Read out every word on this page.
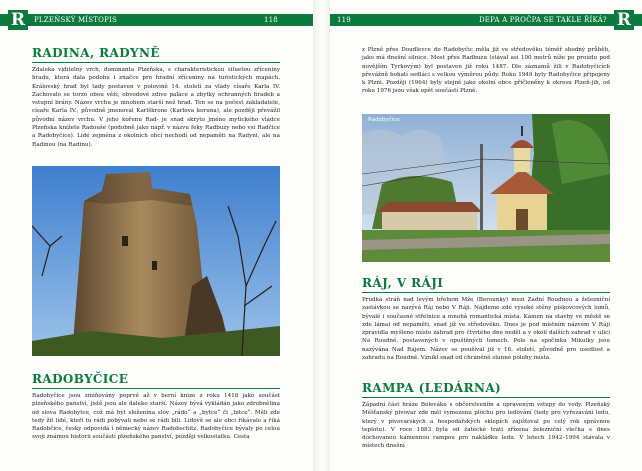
R	PLZEŇSKÝ MÍSTOPIS	118	119	DEPA A PROČPA SE TAKLE ŘÍKÁ? R
RADINA, RADYNĚ
Zdaleka viditelný vrch, dominanta Plzeňska, s charakteristickou siluetou zříceniny hradu, která dala podobu i značce pro hradní zříceniny na turistických mapách. Královský hrad byl tady postaven v polovině 14. století za vlády císaře Karla IV. Zachovalo se torzo obou věží, obvodové zdivo paláce a zbytky ochranných hradeb a vstupní brány. Název vrchu je mnohem starší než hrad. Ten se na počest zakladatele, císaře Karla IV., původně jmenoval Karlškrone (Karlova koruna), ale později převážil původní název vrchu. V jeho kořenu Rad- je snad skryto jméno mytického vládce Plzeňska knížete Radouše (podobně jako např. v názvu feky Radbuzy nebo vsi Radčice a Radobyčice). Lidé zejména z okolních obcí nechodí od nepaměti na Radyni, ale na Radinou (na Radinu).
RADOBYČICE
Radobyčice jsou zmiňovány poprvé až v berní knize z roku 1418 jako součást plzeňského panství, jistě jsou ale daleko starší. Název bývá vykládán jako zdrobnělina od slova Radobytce, což má být složenina slov „rádo“ a „bytce“ či „bitce“. Měli zde tedy žít lidé, kteří tu rádi pobývali nebo se rádi bili. Lidově se ale obci říkávalo a říká Radobčice, česky odpovídá i německý název Radobschitz. Radobyčice bývaly po celou svoji známou historii součástí plzeňského panství, později velkostatku. Cesta
z Plzně přes Doudlevce do Radobyčic měla již ve středověku téměř shodný průběh, jako má dnešní silnice. Most přes Radbuzu (stával asi 100 metrů níže po proudu pod novějším Tyrkovým) byl postaven již roku 1487. Dle záznamů žili v Radobyčicích převážně bohatí sedláci s velkou výměrou půdy. Roku 1949 byly Radobyčice připojeny k Plzni. Později (1964) byly stejně jako okolní obce přičleněny k okresu Plzeň-jih, od roku 1976 jsou však opět součástí Plzně.
Radobyčice
RÁJ, V RÁJI
Prudká stráň nad levým břehem Mže (Berounky) mezi Zadní Roudnou a železniční zastávkou se nazývá Ráj nebo V Ráji. Najdeme zde vysoké stěny pískovcových lomů, bývalé i současné střelnice a mnohá romantická místa. Kámen na stavby ve městě se zde lámal od nepaměti, snad již ve středověku. Dnes je pod místním názvem V Ráji zpravidla myšleno místo zahrad pro čtvrtého dne neděl a v okolí dalších zahrad v ulici Na Roudné, postavených v opuštěných lomech. Pole na spočinku Mikulky jsou nazývána Nad Rájem. Název se používal již v 16. století, původně pro usedlost a zahradu na Roudné. Vznikl snad od chráněné slunné polohy místa.
RAMPA (LEDÁRNA)
Západní část hráze Boleváku s občerstvením a upraveným vstupy do vody. Plzeňský Měšťanský pivovar zde měl vymezenu plochu pro ledování (tedy pro vyřezávání ledu, který v pivovarských a hospodářských sklepích zajišťoval po celý rok správnou teplotu). V roce 1883 byla od žatecké trati zřízena železniční vlečka s dnes dochovanou kamennou rampou pro nakládku ledu. V letech 1942–1994 stávala v místech dnešní
